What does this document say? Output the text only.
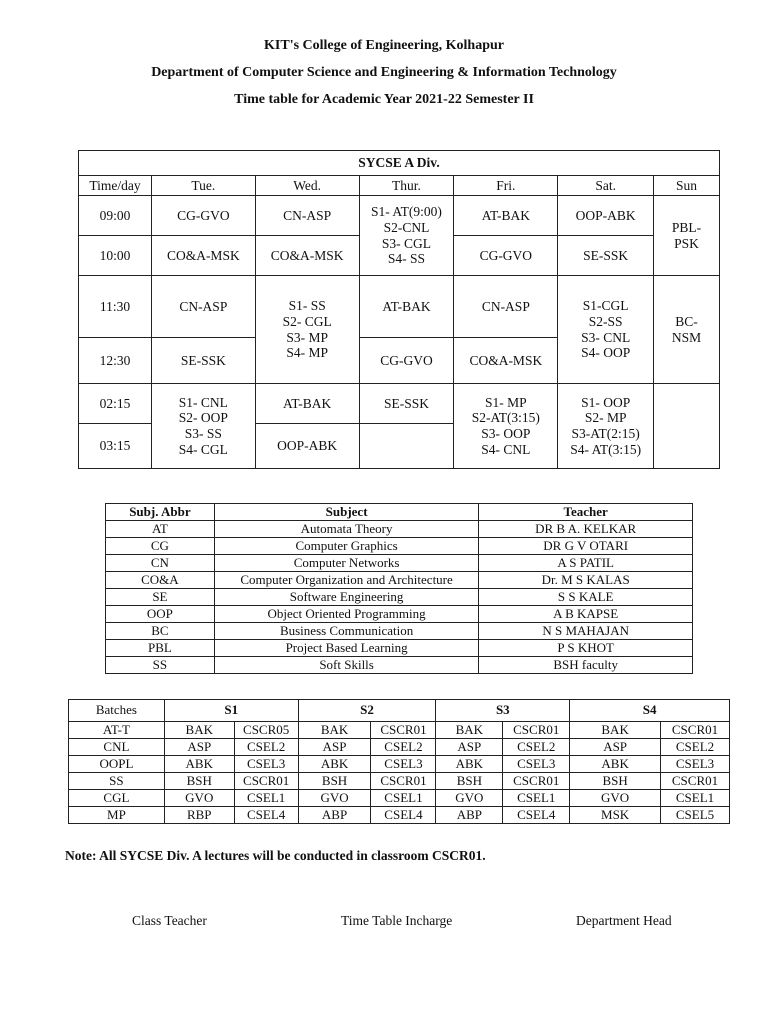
KIT's College of Engineering, Kolhapur
Department of Computer Science and Engineering & Information Technology
Time table for Academic Year 2021-22 Semester II
SYCSE A Div.						
Time/day	Tue.	Wed.	Thur.	Fri.	Sat.	Sun
09:00	CG-GVO	CN-ASP	S1- AT(9:00)
S2-CNL
S3- CGL
S4- SS	AT-BAK	OOP-ABK	PBL-
PSK
10:00	CO&A-MSK	CO&A-MSK		CG-GVO	SE-SSK	
11:30	CN-ASP	S1- SS
S2- CGL
S3- MP
S4- MP	AT-BAK	CN-ASP	S1-CGL
S2-SS
S3- CNL
S4- OOP	BC-
NSM
12:30	SE-SSK		CG-GVO	CO&A-MSK		
02:15	S1- CNL
S2- OOP
S3- SS
S4- CGL	AT-BAK	SE-SSK	S1- MP
S2-AT(3:15)
S3- OOP
S4- CNL	S1- OOP
S2- MP
S3-AT(2:15)
S4- AT(3:15)	
03:15		OOP-ABK				
Subj. Abbr	Subject	Teacher
AT	Automata Theory	DR B A. KELKAR
CG	Computer Graphics	DR G V OTARI
CN	Computer Networks	A S PATIL
CO&A	Computer Organization and Architecture	Dr. M S KALAS
SE	Software Engineering	S S KALE
OOP	Object Oriented Programming	A B KAPSE
BC	Business Communication	N S MAHAJAN
PBL	Project Based Learning	P S KHOT
SS	Soft Skills	BSH faculty
Batches	S1		S2		S3		S4	
AT-T	BAK	CSCR05	BAK	CSCR01	BAK	CSCR01	BAK	CSCR01
CNL	ASP	CSEL2	ASP	CSEL2	ASP	CSEL2	ASP	CSEL2
OOPL	ABK	CSEL3	ABK	CSEL3	ABK	CSEL3	ABK	CSEL3
SS	BSH	CSCR01	BSH	CSCR01	BSH	CSCR01	BSH	CSCR01
CGL	GVO	CSEL1	GVO	CSEL1	GVO	CSEL1	GVO	CSEL1
MP	RBP	CSEL4	ABP	CSEL4	ABP	CSEL4	MSK	CSEL5
Note: All SYCSE Div. A lectures will be conducted in classroom CSCR01.
Class Teacher	Time Table Incharge	Department Head
